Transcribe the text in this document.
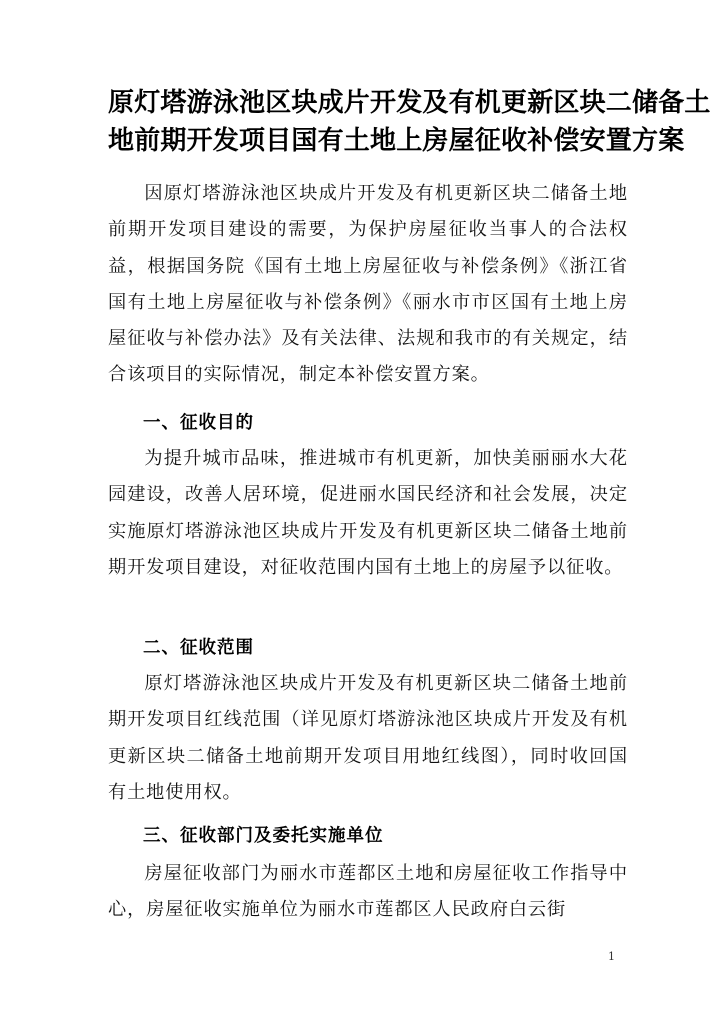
原灯塔游泳池区块成片开发及有机更新区块二储备土
地前期开发项目国有土地上房屋征收补偿安置方案

因原灯塔游泳池区块成片开发及有机更新区块二储备土地前期开发项目建设的需要，为保护房屋征收当事人的合法权益，根据国务院《国有土地上房屋征收与补偿条例》《浙江省国有土地上房屋征收与补偿条例》《丽水市市区国有土地上房屋征收与补偿办法》及有关法律、法规和我市的有关规定，结合该项目的实际情况，制定本补偿安置方案。

一、征收目的

为提升城市品味，推进城市有机更新，加快美丽丽水大花园建设，改善人居环境，促进丽水国民经济和社会发展，决定实施原灯塔游泳池区块成片开发及有机更新区块二储备土地前期开发项目建设，对征收范围内国有土地上的房屋予以征收。

二、征收范围

原灯塔游泳池区块成片开发及有机更新区块二储备土地前期开发项目红线范围（详见原灯塔游泳池区块成片开发及有机更新区块二储备土地前期开发项目用地红线图），同时收回国有土地使用权。

三、征收部门及委托实施单位

房屋征收部门为丽水市莲都区土地和房屋征收工作指导中心，房屋征收实施单位为丽水市莲都区人民政府白云街

1
